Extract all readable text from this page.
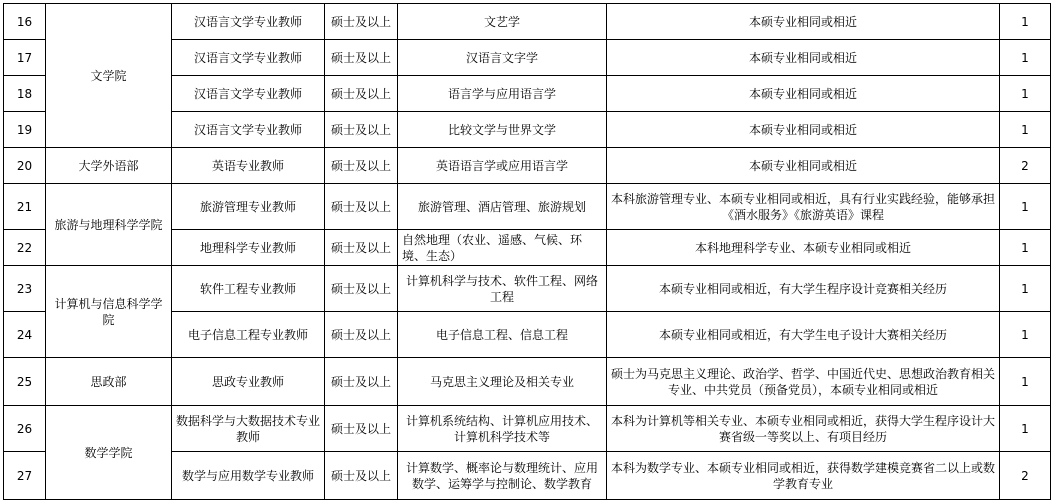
16	文学院	汉语言文学专业教师	硕士及以上	文艺学	本硕专业相同或相近	1
17		汉语言文学专业教师	硕士及以上	汉语言文字学	本硕专业相同或相近	1
18		汉语言文学专业教师	硕士及以上	语言学与应用语言学	本硕专业相同或相近	1
19		汉语言文学专业教师	硕士及以上	比较文学与世界文学	本硕专业相同或相近	1
20	大学外语部	英语专业教师	硕士及以上	英语语言学或应用语言学	本硕专业相同或相近	2
21	旅游与地理科学学院	旅游管理专业教师	硕士及以上	旅游管理、酒店管理、旅游规划	本科旅游管理专业、本硕专业相同或相近，具有行业实践经验，能够承担《酒水服务》《旅游英语》课程	1
22		地理科学专业教师	硕士及以上	自然地理（农业、遥感、气候、环境、生态）	本科地理科学专业、本硕专业相同或相近	1
23	计算机与信息科学学院	软件工程专业教师	硕士及以上	计算机科学与技术、软件工程、网络工程	本硕专业相同或相近，有大学生程序设计竞赛相关经历	1
24		电子信息工程专业教师	硕士及以上	电子信息工程、信息工程	本硕专业相同或相近，有大学生电子设计大赛相关经历	1
25	思政部	思政专业教师	硕士及以上	马克思主义理论及相关专业	硕士为马克思主义理论、政治学、哲学、中国近代史、思想政治教育相关专业、中共党员（预备党员），本硕专业相同或相近	1
26	数学学院	数据科学与大数据技术专业教师	硕士及以上	计算机系统结构、计算机应用技术、计算机科学技术等	本科为计算机等相关专业、本硕专业相同或相近，获得大学生程序设计大赛省级一等奖以上、有项目经历	1
27		数学与应用数学专业教师	硕士及以上	计算数学、概率论与数理统计、应用数学、运筹学与控制论、数学教育	本科为数学专业、本硕专业相同或相近，获得数学建模竞赛省二以上或数学教育专业	2
